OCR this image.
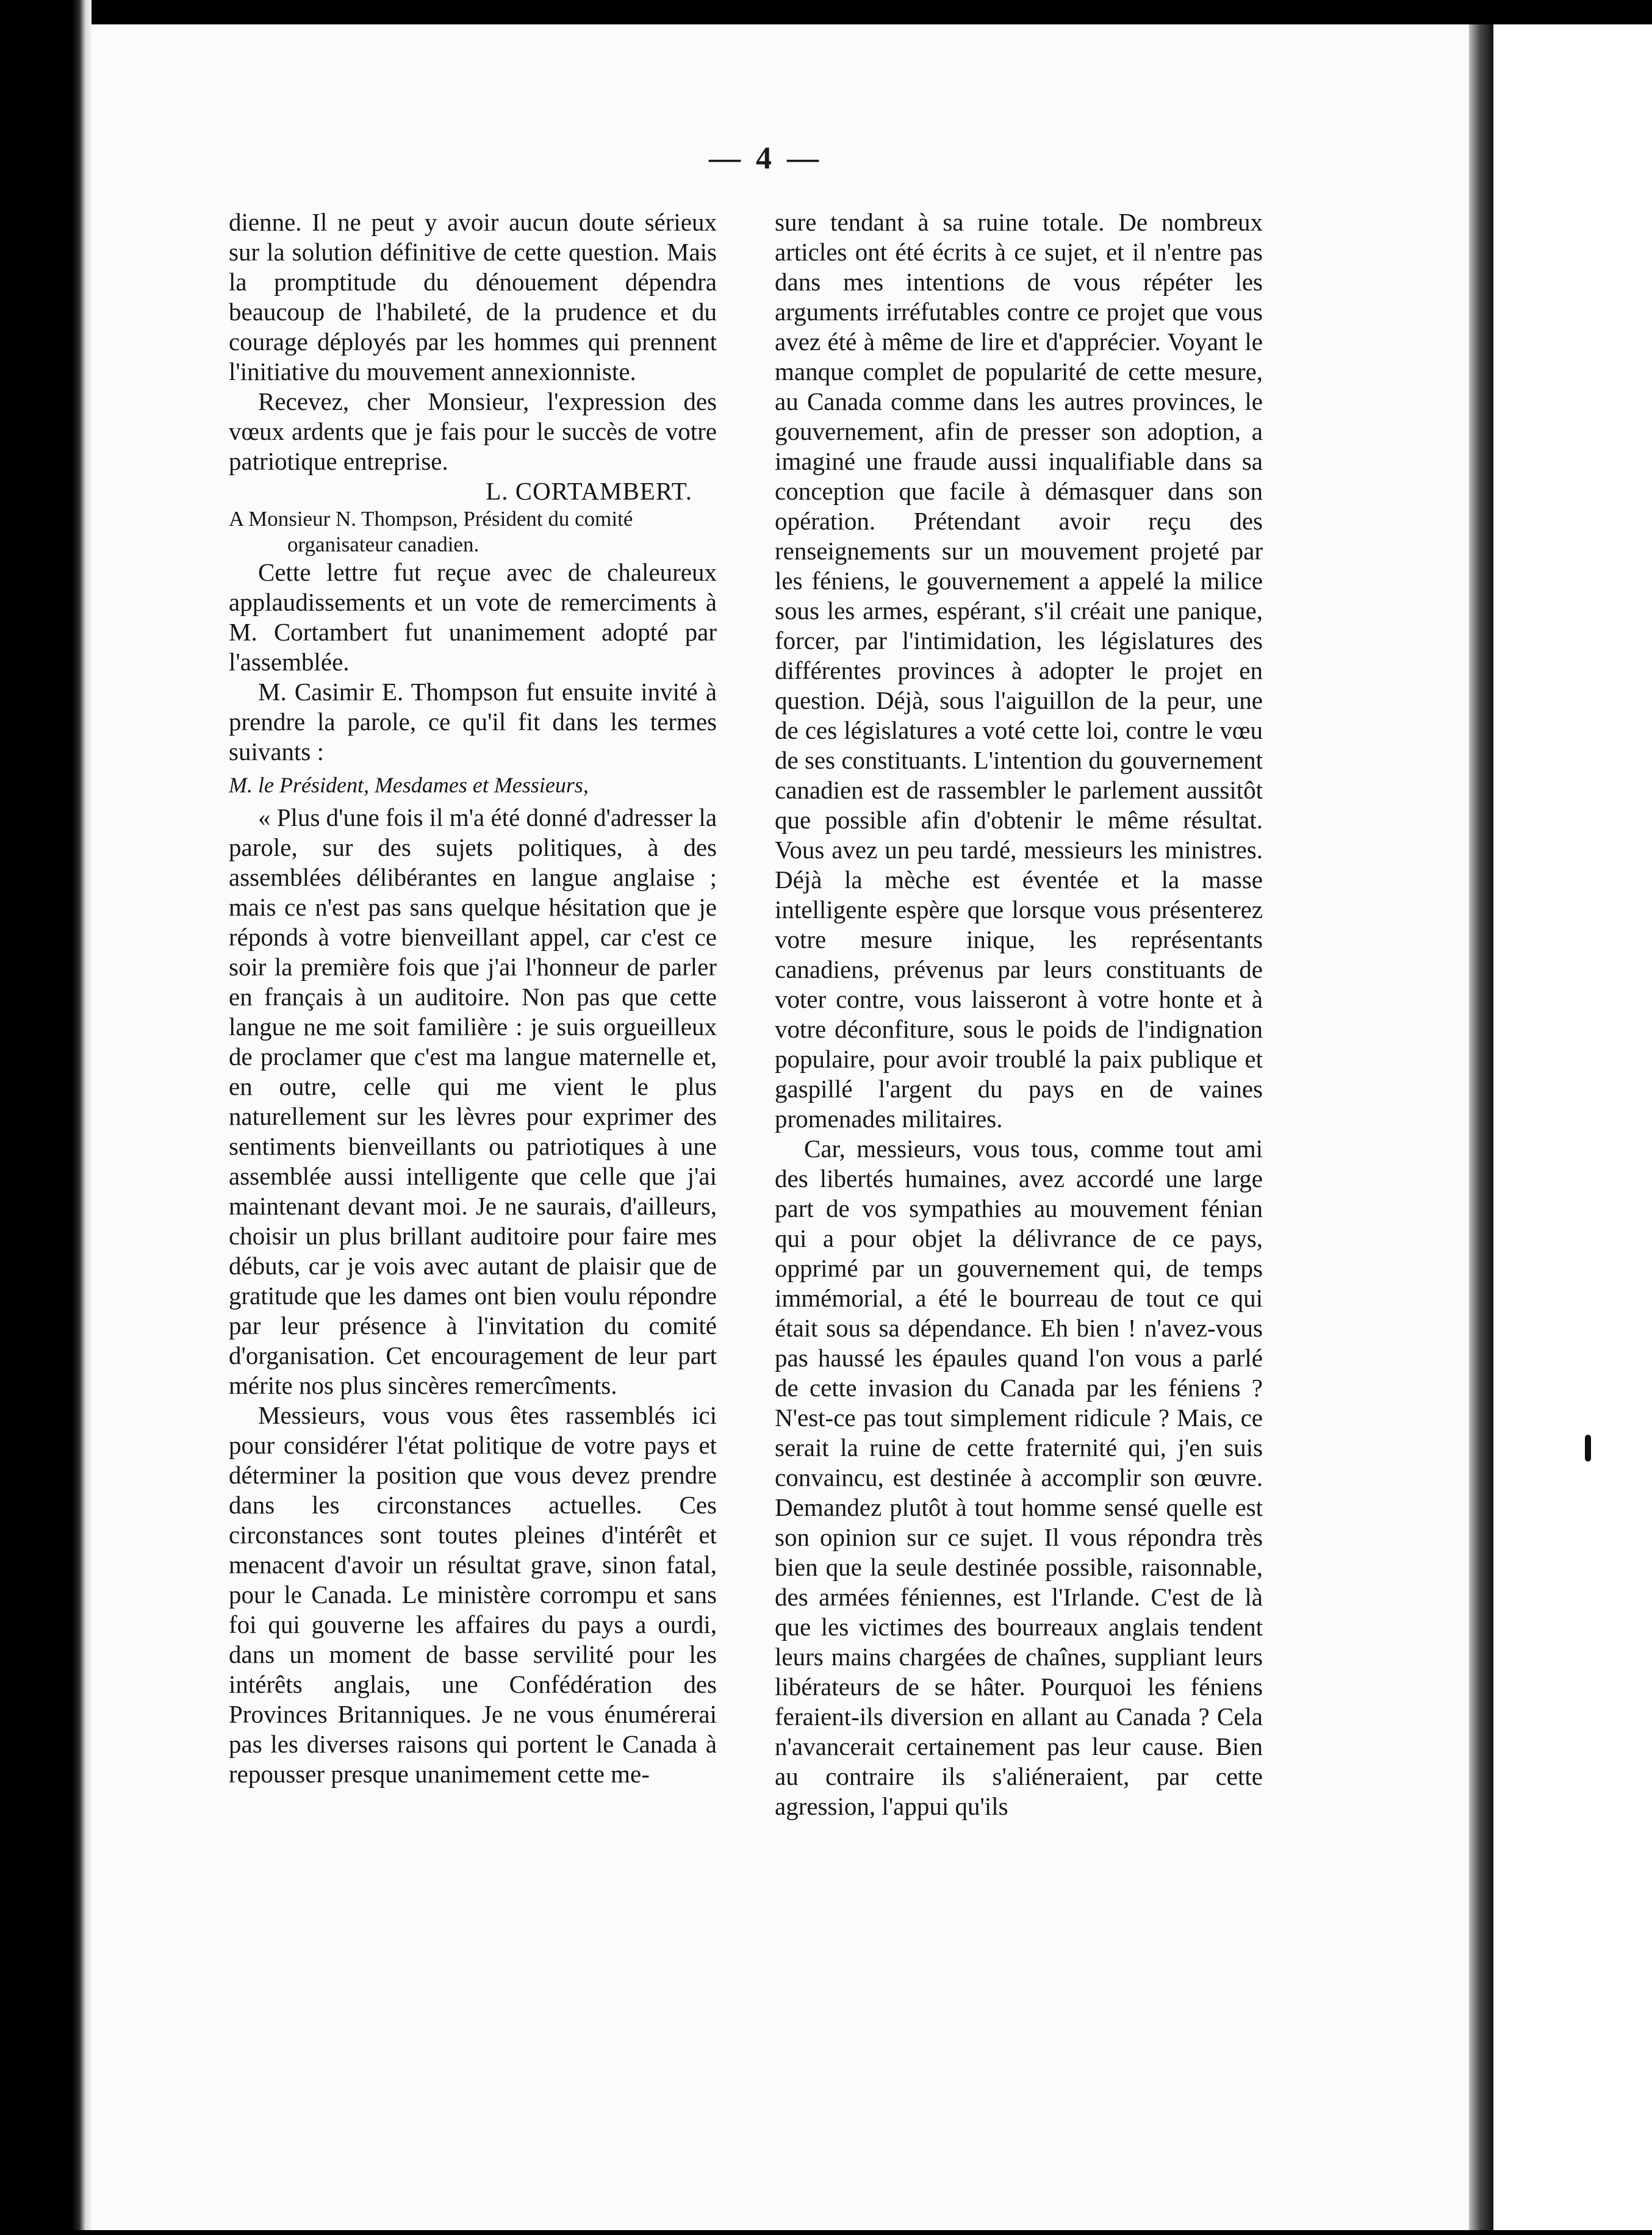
— 4 —

dienne. Il ne peut y avoir aucun doute sérieux sur la solution définitive de cette question. Mais la promptitude du dénouement dépendra beaucoup de l'habileté, de la prudence et du courage déployés par les hommes qui prennent l'initiative du mouvement annexionniste.

Recevez, cher Monsieur, l'expression des vœux ardents que je fais pour le succès de votre patriotique entreprise.

L. CORTAMBERT.

A Monsieur N. Thompson, Président du comité
organisateur canadien.

Cette lettre fut reçue avec de chaleureux applaudissements et un vote de remerciments à M. Cortambert fut unanimement adopté par l'assemblée.

M. Casimir E. Thompson fut ensuite invité à prendre la parole, ce qu'il fit dans les termes suivants :

M. le Président, Mesdames et Messieurs,

« Plus d'une fois il m'a été donné d'adresser la parole, sur des sujets politiques, à des assemblées délibérantes en langue anglaise ; mais ce n'est pas sans quelque hésitation que je réponds à votre bienveillant appel, car c'est ce soir la première fois que j'ai l'honneur de parler en français à un auditoire. Non pas que cette langue ne me soit familière : je suis orgueilleux de proclamer que c'est ma langue maternelle et, en outre, celle qui me vient le plus naturellement sur les lèvres pour exprimer des sentiments bienveillants ou patriotiques à une assemblée aussi intelligente que celle que j'ai maintenant devant moi. Je ne saurais, d'ailleurs, choisir un plus brillant auditoire pour faire mes débuts, car je vois avec autant de plaisir que de gratitude que les dames ont bien voulu répondre par leur présence à l'invitation du comité d'organisation. Cet encouragement de leur part mérite nos plus sincères remercîments.

Messieurs, vous vous êtes rassemblés ici pour considérer l'état politique de votre pays et déterminer la position que vous devez prendre dans les circonstances actuelles. Ces circonstances sont toutes pleines d'intérêt et menacent d'avoir un résultat grave, sinon fatal, pour le Canada. Le ministère corrompu et sans foi qui gouverne les affaires du pays a ourdi, dans un moment de basse servilité pour les intérêts anglais, une Confédération des Provinces Britanniques. Je ne vous énumérerai pas les diverses raisons qui portent le Canada à repousser presque unanimement cette me-

sure tendant à sa ruine totale. De nombreux articles ont été écrits à ce sujet, et il n'entre pas dans mes intentions de vous répéter les arguments irréfutables contre ce projet que vous avez été à même de lire et d'apprécier. Voyant le manque complet de popularité de cette mesure, au Canada comme dans les autres provinces, le gouvernement, afin de presser son adoption, a imaginé une fraude aussi inqualifiable dans sa conception que facile à démasquer dans son opération. Prétendant avoir reçu des renseignements sur un mouvement projeté par les féniens, le gouvernement a appelé la milice sous les armes, espérant, s'il créait une panique, forcer, par l'intimidation, les législatures des différentes provinces à adopter le projet en question. Déjà, sous l'aiguillon de la peur, une de ces législatures a voté cette loi, contre le vœu de ses constituants. L'intention du gouvernement canadien est de rassembler le parlement aussitôt que possible afin d'obtenir le même résultat. Vous avez un peu tardé, messieurs les ministres. Déjà la mèche est éventée et la masse intelligente espère que lorsque vous présenterez votre mesure inique, les représentants canadiens, prévenus par leurs constituants de voter contre, vous laisseront à votre honte et à votre déconfiture, sous le poids de l'indignation populaire, pour avoir troublé la paix publique et gaspillé l'argent du pays en de vaines promenades militaires.

Car, messieurs, vous tous, comme tout ami des libertés humaines, avez accordé une large part de vos sympathies au mouvement fénian qui a pour objet la délivrance de ce pays, opprimé par un gouvernement qui, de temps immémorial, a été le bourreau de tout ce qui était sous sa dépendance. Eh bien ! n'avez-vous pas haussé les épaules quand l'on vous a parlé de cette invasion du Canada par les féniens ? N'est-ce pas tout simplement ridicule ? Mais, ce serait la ruine de cette fraternité qui, j'en suis convaincu, est destinée à accomplir son œuvre. Demandez plutôt à tout homme sensé quelle est son opinion sur ce sujet. Il vous répondra très bien que la seule destinée possible, raisonnable, des armées féniennes, est l'Irlande. C'est de là que les victimes des bourreaux anglais tendent leurs mains chargées de chaînes, suppliant leurs libérateurs de se hâter. Pourquoi les féniens feraient-ils diversion en allant au Canada ? Cela n'avancerait certainement pas leur cause. Bien au contraire ils s'aliéneraient, par cette agression, l'appui qu'ils
